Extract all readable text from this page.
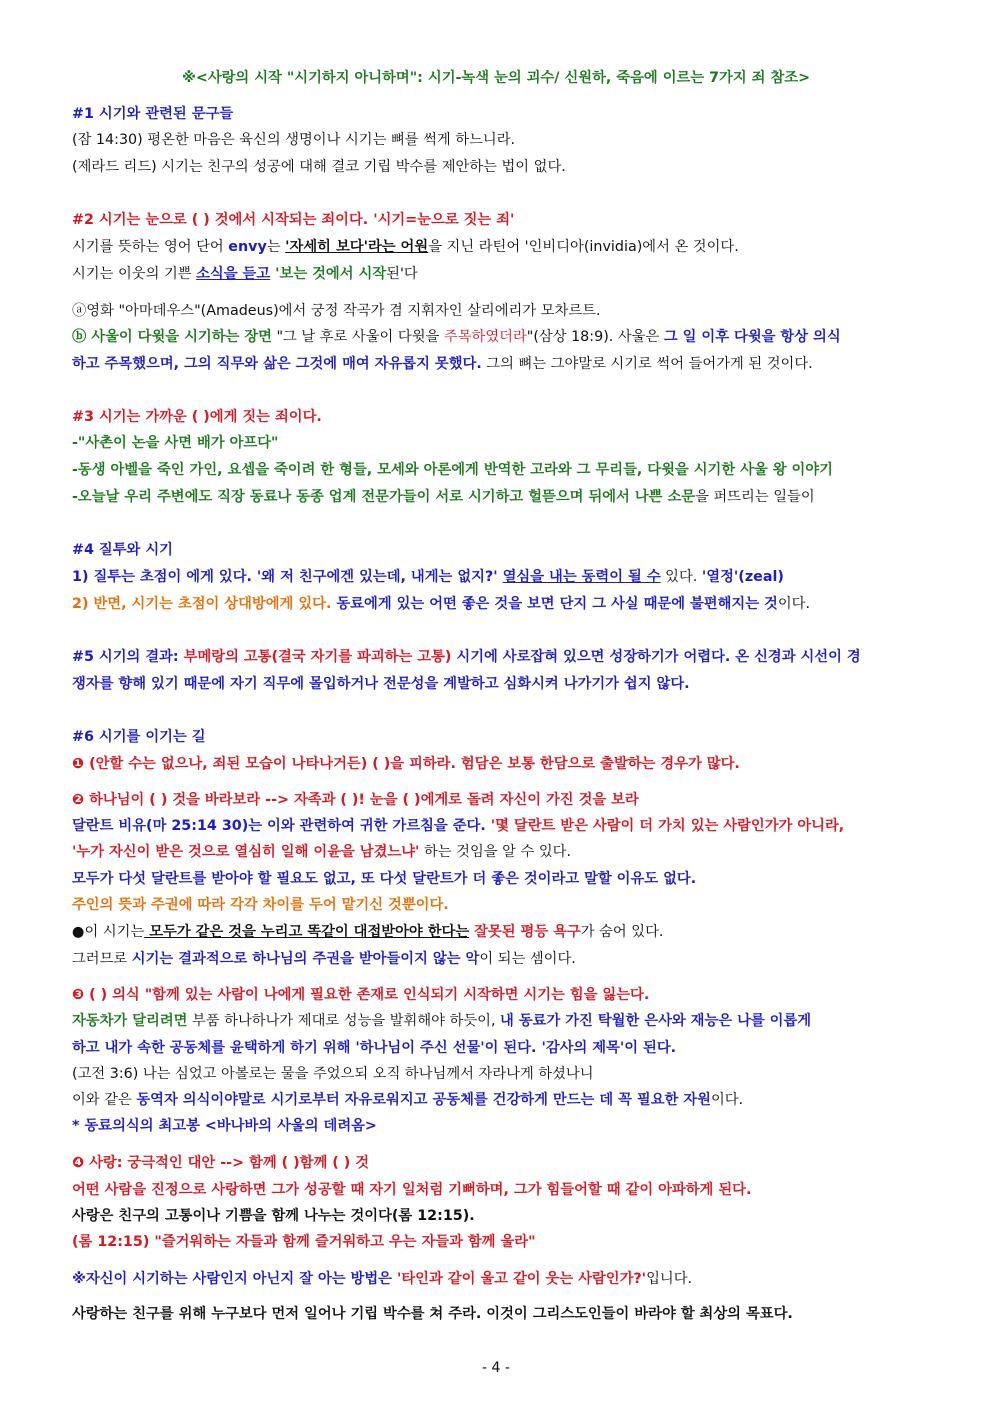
※<사랑의 시작 "시기하지 아니하며": 시기-녹색 눈의 괴수/ 신원하, 죽음에 이르는 7가지 죄 참조>
#1 시기와 관련된 문구들
(잠 14:30) 평온한 마음은 육신의 생명이나 시기는 뼈를 썩게 하느니라.
(제라드 리드) 시기는 친구의 성공에 대해 결코 기립 박수를 제안하는 법이 없다.
#2 시기는 눈으로 ( ) 것에서 시작되는 죄이다. '시기=눈으로 짓는 죄'
시기를 뜻하는 영어 단어 envy는 '자세히 보다'라는 어원을 지닌 라틴어 '인비디아(invidia)에서 온 것이다.
시기는 이웃의 기쁜 소식을 듣고 '보는 것에서 시작된'다
ⓐ영화 "아마데우스"(Amadeus)에서 궁정 작곡가 겸 지휘자인 살리에리가 모차르트.
ⓑ 사울이 다윗을 시기하는 장면 "그 날 후로 사울이 다윗을 주목하였더라"(삼상 18:9). 사울은 그 일 이후 다윗을 항상 의식
하고 주목했으며, 그의 직무와 삶은 그것에 매여 자유롭지 못했다. 그의 뼈는 그야말로 시기로 썩어 들어가게 된 것이다.
#3 시기는 가까운 ( )에게 짓는 죄이다.
-"사촌이 논을 사면 배가 아프다"
-동생 아벨을 죽인 가인, 요셉을 죽이려 한 형들, 모세와 아론에게 반역한 고라와 그 무리들, 다윗을 시기한 사울 왕 이야기
-오늘날 우리 주변에도 직장 동료나 동종 업계 전문가들이 서로 시기하고 헐뜯으며 뒤에서 나쁜 소문을 퍼뜨리는 일들이
#4 질투와 시기
1) 질투는 초점이 에게 있다. '왜 저 친구에겐 있는데, 내게는 없지?' 열심을 내는 동력이 될 수 있다. '열정'(zeal)
2) 반면, 시기는 초점이 상대방에게 있다. 동료에게 있는 어떤 좋은 것을 보면 단지 그 사실 때문에 불편해지는 것이다.
#5 시기의 결과: 부메랑의 고통(결국 자기를 파괴하는 고통) 시기에 사로잡혀 있으면 성장하기가 어렵다. 온 신경과 시선이 경
쟁자를 향해 있기 때문에 자기 직무에 몰입하거나 전문성을 계발하고 심화시켜 나가기가 쉽지 않다.
#6 시기를 이기는 길
❶ (안할 수는 없으나, 죄된 모습이 나타나거든) ( )을 피하라. 험담은 보통 한담으로 출발하는 경우가 많다.
❷ 하나님이 ( ) 것을 바라보라 --> 자족과 ( )! 눈을 ( )에게로 돌려 자신이 가진 것을 보라
달란트 비유(마 25:14 30)는 이와 관련하여 귀한 가르침을 준다. '몇 달란트 받은 사람이 더 가치 있는 사람인가가 아니라,
'누가 자신이 받은 것으로 열심히 일해 이윤을 남겼느냐' 하는 것임을 알 수 있다.
모두가 다섯 달란트를 받아야 할 필요도 없고, 또 다섯 달란트가 더 좋은 것이라고 말할 이유도 없다.
주인의 뜻과 주권에 따라 각각 차이를 두어 맡기신 것뿐이다.
●이 시기는 모두가 같은 것을 누리고 똑같이 대접받아야 한다는 잘못된 평등 욕구가 숨어 있다.
그러므로 시기는 결과적으로 하나님의 주권을 받아들이지 않는 악이 되는 셈이다.
❸ ( ) 의식 "함께 있는 사람이 나에게 필요한 존재로 인식되기 시작하면 시기는 힘을 잃는다.
자동차가 달리려면 부품 하나하나가 제대로 성능을 발휘해야 하듯이, 내 동료가 가진 탁월한 은사와 재능은 나를 이롭게
하고 내가 속한 공동체를 윤택하게 하기 위해 '하나님이 주신 선물'이 된다. '감사의 제목'이 된다.
(고전 3:6) 나는 심었고 아볼로는 물을 주었으되 오직 하나님께서 자라나게 하셨나니
이와 같은 동역자 의식이야말로 시기로부터 자유로워지고 공동체를 건강하게 만드는 데 꼭 필요한 자원이다.
* 동료의식의 최고봉 <바나바의 사울의 데려옴>
❹ 사랑: 궁극적인 대안 --> 함께 ( )함께 ( ) 것
어떤 사람을 진정으로 사랑하면 그가 성공할 때 자기 일처럼 기뻐하며, 그가 힘들어할 때 같이 아파하게 된다.
사랑은 친구의 고통이나 기쁨을 함께 나누는 것이다(롬 12:15).
(롬 12:15) "즐거워하는 자들과 함께 즐거워하고 우는 자들과 함께 울라"
※자신이 시기하는 사람인지 아닌지 잘 아는 방법은 '타인과 같이 울고 같이 웃는 사람인가?'입니다.
사랑하는 친구를 위해 누구보다 먼저 일어나 기립 박수를 쳐 주라. 이것이 그리스도인들이 바라야 할 최상의 목표다.
- 4 -
